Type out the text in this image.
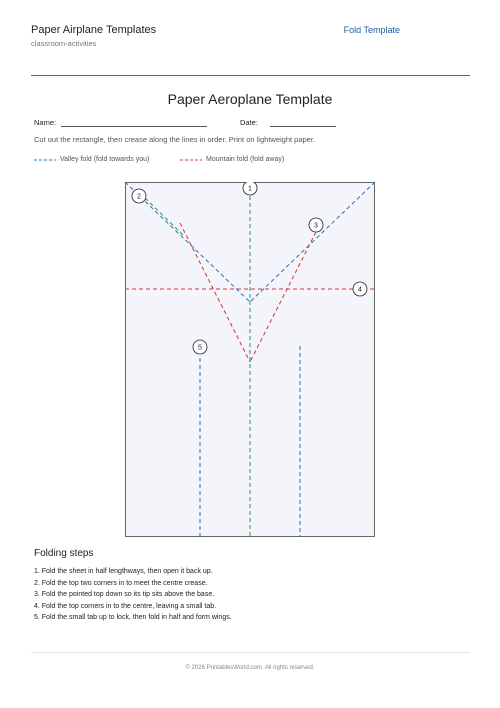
Paper Airplane Templates
classroom-activities
Fold Template
Paper Aeroplane Template
Name:	Date:
Cut out the rectangle, then crease along the lines in order. Print on lightweight paper.
Valley fold (fold towards you)	Mountain fold (fold away)
1
2
3
4
5
Folding steps
1. Fold the sheet in half lengthways, then open it back up.
2. Fold the top two corners in to meet the centre crease.
3. Fold the pointed top down so its tip sits above the base.
4. Fold the top corners in to the centre, leaving a small tab.
5. Fold the small tab up to lock, then fold in half and form wings.
© 2026 PrintablesWorld.com. All rights reserved.
